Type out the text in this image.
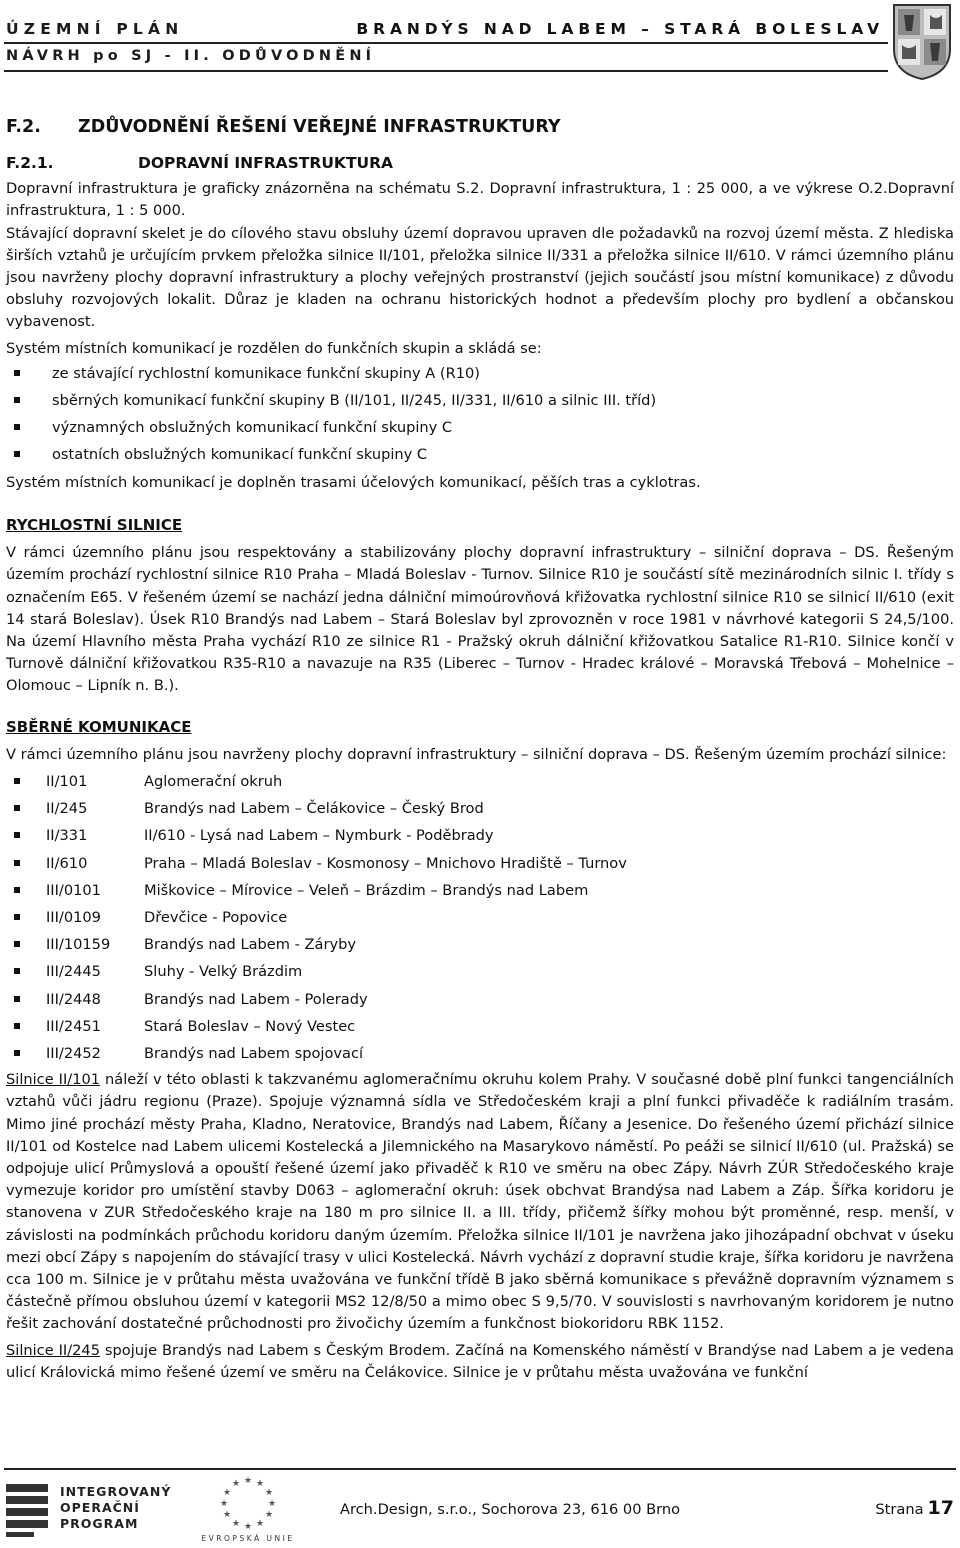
ÚZEMNÍ PLÁN	BRANDÝS NAD LABEM – STARÁ BOLESLAV
NÁVRH po SJ - II. ODŮVODNĚNÍ
F.2. ZDŮVODNĚNÍ ŘEŠENÍ VEŘEJNÉ INFRASTRUKTURY
F.2.1.	DOPRAVNÍ INFRASTRUKTURA

Dopravní infrastruktura je graficky znázorněna na schématu S.2. Dopravní infrastruktura, 1 : 25 000, a ve výkrese O.2.Dopravní infrastruktura, 1 : 5 000.

Stávající dopravní skelet je do cílového stavu obsluhy území dopravou upraven dle požadavků na rozvoj území města. Z hlediska širších vztahů je určujícím prvkem přeložka silnice II/101, přeložka silnice II/331 a přeložka silnice II/610. V rámci územního plánu jsou navrženy plochy dopravní infrastruktury a plochy veřejných prostranství (jejich součástí jsou místní komunikace) z důvodu obsluhy rozvojových lokalit. Důraz je kladen na ochranu historických hodnot a především plochy pro bydlení a občanskou vybavenost.

Systém místních komunikací je rozdělen do funkčních skupin a skládá se:

ze stávající rychlostní komunikace funkční skupiny A (R10)
sběrných komunikací funkční skupiny B (II/101, II/245, II/331, II/610 a silnic III. tříd)
významných obslužných komunikací funkční skupiny C
ostatních obslužných komunikací funkční skupiny C

Systém místních komunikací je doplněn trasami účelových komunikací, pěších tras a cyklotras.

RYCHLOSTNÍ SILNICE

V rámci územního plánu jsou respektovány a stabilizovány plochy dopravní infrastruktury – silniční doprava – DS. Řešeným územím prochází rychlostní silnice R10 Praha – Mladá Boleslav - Turnov. Silnice R10 je součástí sítě mezinárodních silnic I. třídy s označením E65. V řešeném území se nachází jedna dálniční mimoúrovňová křižovatka rychlostní silnice R10 se silnicí II/610 (exit 14 stará Boleslav). Úsek R10 Brandýs nad Labem – Stará Boleslav byl zprovozněn v roce 1981 v návrhové kategorii S 24,5/100. Na území Hlavního města Praha vychází R10 ze silnice R1 - Pražský okruh dálniční křižovatkou Satalice R1-R10. Silnice končí v Turnově dálniční křižovatkou R35-R10 a navazuje na R35 (Liberec – Turnov - Hradec králové – Moravská Třebová – Mohelnice – Olomouc – Lipník n. B.).

SBĚRNÉ KOMUNIKACE

V rámci územního plánu jsou navrženy plochy dopravní infrastruktury – silniční doprava – DS. Řešeným územím prochází silnice:

II/101	Aglomerační okruh
II/245	Brandýs nad Labem – Čelákovice – Český Brod
II/331	II/610 - Lysá nad Labem – Nymburk - Poděbrady
II/610	Praha – Mladá Boleslav - Kosmonosy – Mnichovo Hradiště – Turnov
III/0101	Miškovice – Mírovice – Veleň – Brázdim – Brandýs nad Labem
III/0109	Dřevčice - Popovice
III/10159 Brandýs nad Labem - Záryby
III/2445	Sluhy - Velký Brázdim
III/2448	Brandýs nad Labem - Polerady
III/2451	Stará Boleslav – Nový Vestec
III/2452	Brandýs nad Labem spojovací

Silnice II/101 náleží v této oblasti k takzvanému aglomeračnímu okruhu kolem Prahy. V současné době plní funkci tangenciálních vztahů vůči jádru regionu (Praze). Spojuje významná sídla ve Středočeském kraji a plní funkci přivaděče k radiálním trasám. Mimo jiné prochází městy Praha, Kladno, Neratovice, Brandýs nad Labem, Říčany a Jesenice. Do řešeného území přichází silnice II/101 od Kostelce nad Labem ulicemi Kostelecká a Jilemnického na Masarykovo náměstí. Po peáži se silnicí II/610 (ul. Pražská) se odpojuje ulicí Průmyslová a opouští řešené území jako přivaděč k R10 ve směru na obec Zápy. Návrh ZÚR Středočeského kraje vymezuje koridor pro umístění stavby D063 – aglomerační okruh: úsek obchvat Brandýsa nad Labem a Záp. Šířka koridoru je stanovena v ZUR Středočeského kraje na 180 m pro silnice II. a III. třídy, přičemž šířky mohou být proměnné, resp. menší, v závislosti na podmínkách průchodu koridoru daným územím. Přeložka silnice II/101 je navržena jako jihozápadní obchvat v úseku mezi obcí Zápy s napojením do stávající trasy v ulici Kostelecká. Návrh vychází z dopravní studie kraje, šířka koridoru je navržena cca 100 m. Silnice je v průtahu města uvažována ve funkční třídě B jako sběrná komunikace s převážně dopravním významem s částečně přímou obsluhou území v kategorii MS2 12/8/50 a mimo obec S 9,5/70. V souvislosti s navrhovaným koridorem je nutno řešit zachování dostatečné průchodnosti pro živočichy územím a funkčnost biokoridoru RBK 1152.

Silnice II/245 spojuje Brandýs nad Labem s Českým Brodem. Začíná na Komenského náměstí v Brandýse nad Labem a je vedena ulicí Královická mimo řešené území ve směru na Čelákovice. Silnice je v průtahu města uvažována ve funkční

INTEGROVANÝ
OPERAČNÍ
PROGRAM
★ ★
★
★
★
★
★
★
★
★
★
★
EVROPSKÁ UNIE
Arch.Design, s.r.o., Sochorova 23, 616 00 Brno	Strana 17
